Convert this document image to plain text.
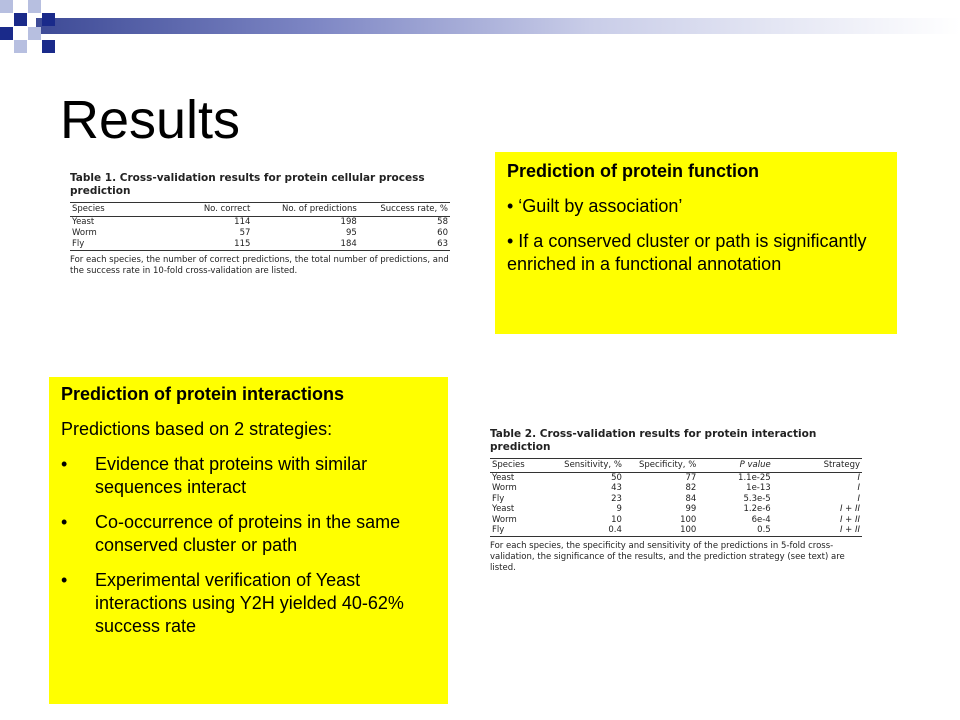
Results
Table 1. Cross-validation results for protein cellular process prediction
Species	No. correct	No. of predictions	Success rate, %
Yeast	114	198	58
Worm	57	95	60
Fly	115	184	63
For each species, the number of correct predictions, the total number of predictions, and the success rate in 10-fold cross-validation are listed.
Prediction of protein function
• ‘Guilt by association’
• If a conserved cluster or path is significantly enriched in a functional annotation
Prediction of protein interactions
Predictions based on 2 strategies:
•	Evidence that proteins with similar sequences interact
•	Co-occurrence of proteins in the same conserved cluster or path
•	Experimental verification of Yeast interactions using Y2H yielded 40-62% success rate
Table 2. Cross-validation results for protein interaction prediction
Species	Sensitivity, %	Specificity, %	P value	Strategy
Yeast	50	77	1.1e-25	I
Worm	43	82	1e-13	I
Fly	23	84	5.3e-5	I
Yeast	9	99	1.2e-6	I + II
Worm	10	100	6e-4	I + II
Fly	0.4	100	0.5	I + II
For each species, the specificity and sensitivity of the predictions in 5-fold cross-validation, the significance of the results, and the prediction strategy (see text) are listed.
